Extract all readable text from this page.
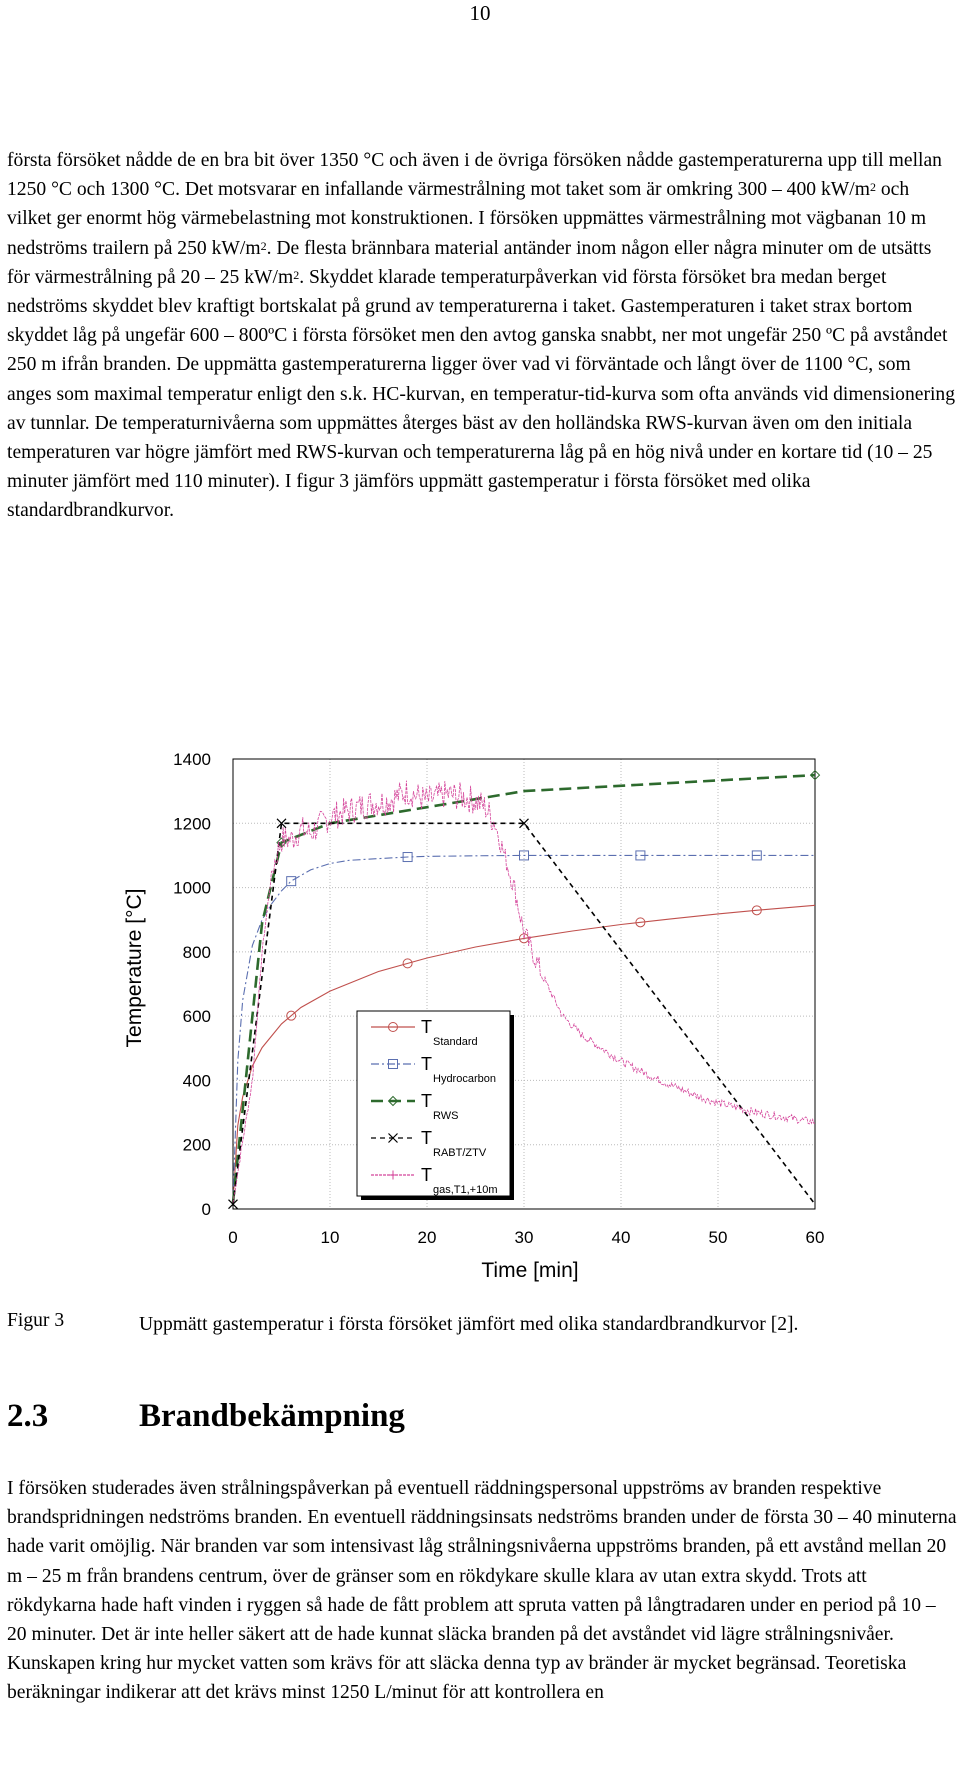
10

första försöket nådde de en bra bit över 1350 °C och även i de övriga försöken nådde gastemperaturerna upp till mellan 1250 °C och 1300 °C. Det motsvarar en infallande värmestrålning mot taket som är omkring 300 – 400 $kW/m^2$ och vilket ger enormt hög värmebelastning mot konstruktionen. I försöken uppmättes värmestrålning mot vägbanan 10 m nedströms trailern på 250 $kW/m^2$. De flesta brännbara material antänder inom någon eller några minuter om de utsätts för värmestrålning på 20 – 25 $kW/m^2$. Skyddet klarade temperaturpåverkan vid första försöket bra medan berget nedströms skyddet blev kraftigt bortskalat på grund av temperaturerna i taket. Gastemperaturen i taket strax bortom skyddet låg på ungefär 600 – 800ºC i första försöket men den avtog ganska snabbt, ner mot ungefär 250 ºC på avståndet 250 m ifrån branden. De uppmätta gastemperaturerna ligger över vad vi förväntade och långt över de 1100 °C, som anges som maximal temperatur enligt den s.k. HC-kurvan, en temperatur-tid-kurva som ofta används vid dimensionering av tunnlar. De temperaturnivåerna som uppmättes återges bäst av den holländska RWS-kurvan även om den initiala temperaturen var högre jämfört med RWS-kurvan och temperaturerna låg på en hög nivå under en kortare tid (10 – 25 minuter jämfört med 110 minuter). I figur 3 jämförs uppmätt gastemperatur i första försöket med olika standardbrandkurvor.

0	10	20	30	40	50	60
0
200
400
600
800
1000
1200
1400
Time [min]
Temperature [°C]	T
Standard
T
Hydrocarbon
T
RWS
T
RABT/ZTV
T
gas,T1,+10m
Figur 3	Uppmätt gastemperatur i första försöket jämfört med olika standardbrandkurvor [2].
2.3	Brandbekämpning

I försöken studerades även strålningspåverkan på eventuell räddningspersonal uppströms av branden respektive brandspridningen nedströms branden. En eventuell räddningsinsats nedströms branden under de första 30 – 40 minuterna hade varit omöjlig. När branden var som intensivast låg strålningsnivåerna uppströms branden, på ett avstånd mellan 20 m – 25 m från brandens centrum, över de gränser som en rökdykare skulle klara av utan extra skydd. Trots att rökdykarna hade haft vinden i ryggen så hade de fått problem att spruta vatten på långtradaren under en period på 10 – 20 minuter. Det är inte heller säkert att de hade kunnat släcka branden på det avståndet vid lägre strålningsnivåer. Kunskapen kring hur mycket vatten som krävs för att släcka denna typ av bränder är mycket begränsad. Teoretiska beräkningar indikerar att det krävs minst 1250 L/minut för att kontrollera en
